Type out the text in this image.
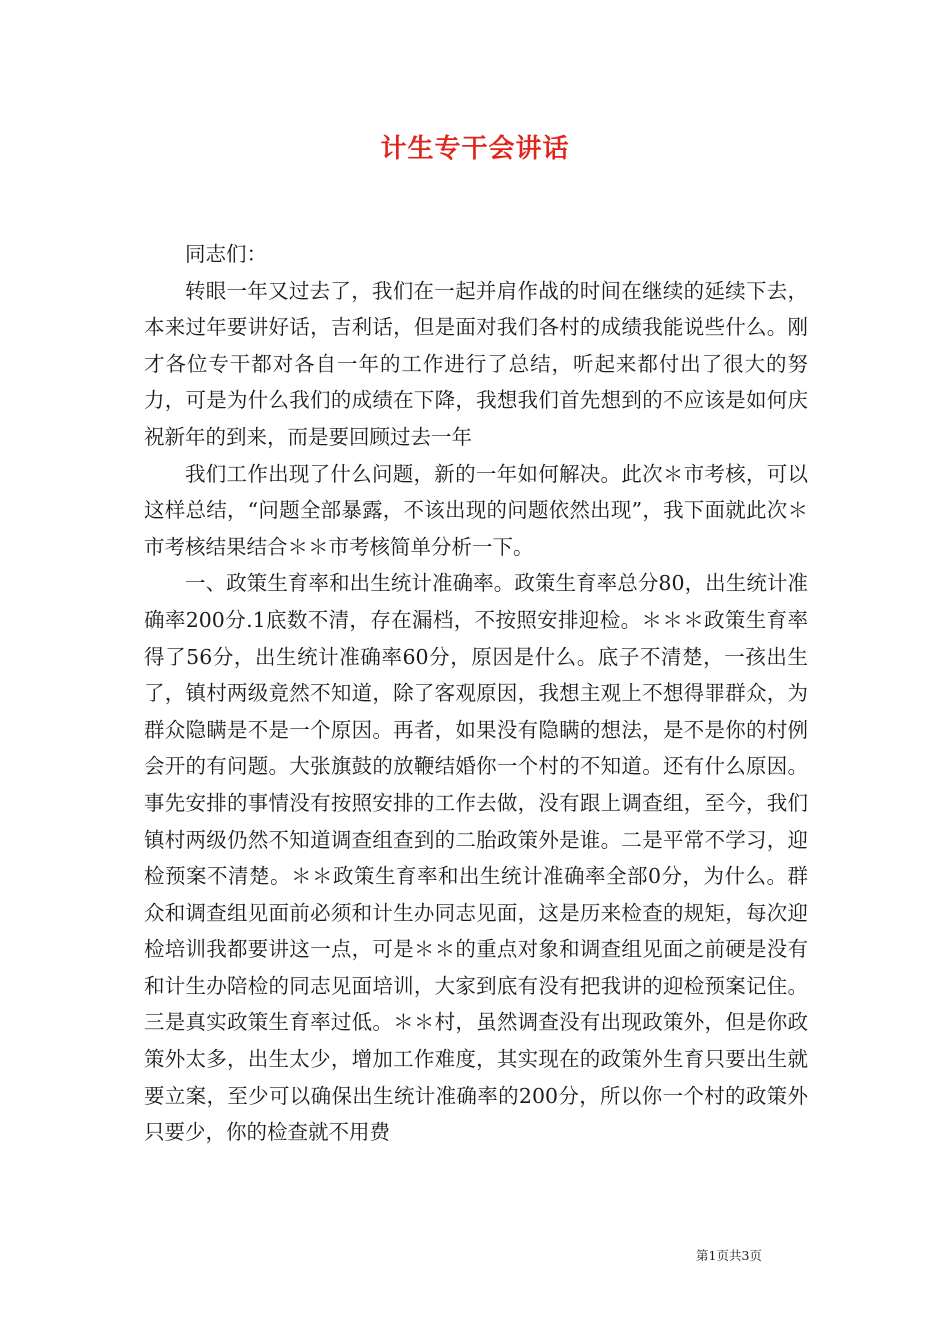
计生专干会讲话

同志们：

转眼一年又过去了，我们在一起并肩作战的时间在继续的延续下去，本来过年要讲好话，吉利话，但是面对我们各村的成绩我能说些什么。刚才各位专干都对各自一年的工作进行了总结，听起来都付出了很大的努力，可是为什么我们的成绩在下降，我想我们首先想到的不应该是如何庆祝新年的到来，而是要回顾过去一年

我们工作出现了什么问题，新的一年如何解决。此次＊市考核，可以这样总结，“问题全部暴露，不该出现的问题依然出现”，我下面就此次＊市考核结果结合＊＊市考核简单分析一下。

一、政策生育率和出生统计准确率。政策生育率总分80，出生统计准确率200分.1底数不清，存在漏档，不按照安排迎检。＊＊＊政策生育率得了56分，出生统计准确率60分，原因是什么。底子不清楚，一孩出生了，镇村两级竟然不知道，除了客观原因，我想主观上不想得罪群众，为群众隐瞒是不是一个原因。再者，如果没有隐瞒的想法，是不是你的村例会开的有问题。大张旗鼓的放鞭结婚你一个村的不知道。还有什么原因。事先安排的事情没有按照安排的工作去做，没有跟上调查组，至今，我们镇村两级仍然不知道调查组查到的二胎政策外是谁。二是平常不学习，迎检预案不清楚。＊＊政策生育率和出生统计准确率全部0分，为什么。群众和调查组见面前必须和计生办同志见面，这是历来检查的规矩，每次迎检培训我都要讲这一点，可是＊＊的重点对象和调查组见面之前硬是没有和计生办陪检的同志见面培训，大家到底有没有把我讲的迎检预案记住。三是真实政策生育率过低。＊＊村，虽然调查没有出现政策外，但是你政策外太多，出生太少，增加工作难度，其实现在的政策外生育只要出生就要立案，至少可以确保出生统计准确率的200分，所以你一个村的政策外只要少，你的检查就不用费

第1页共3页
